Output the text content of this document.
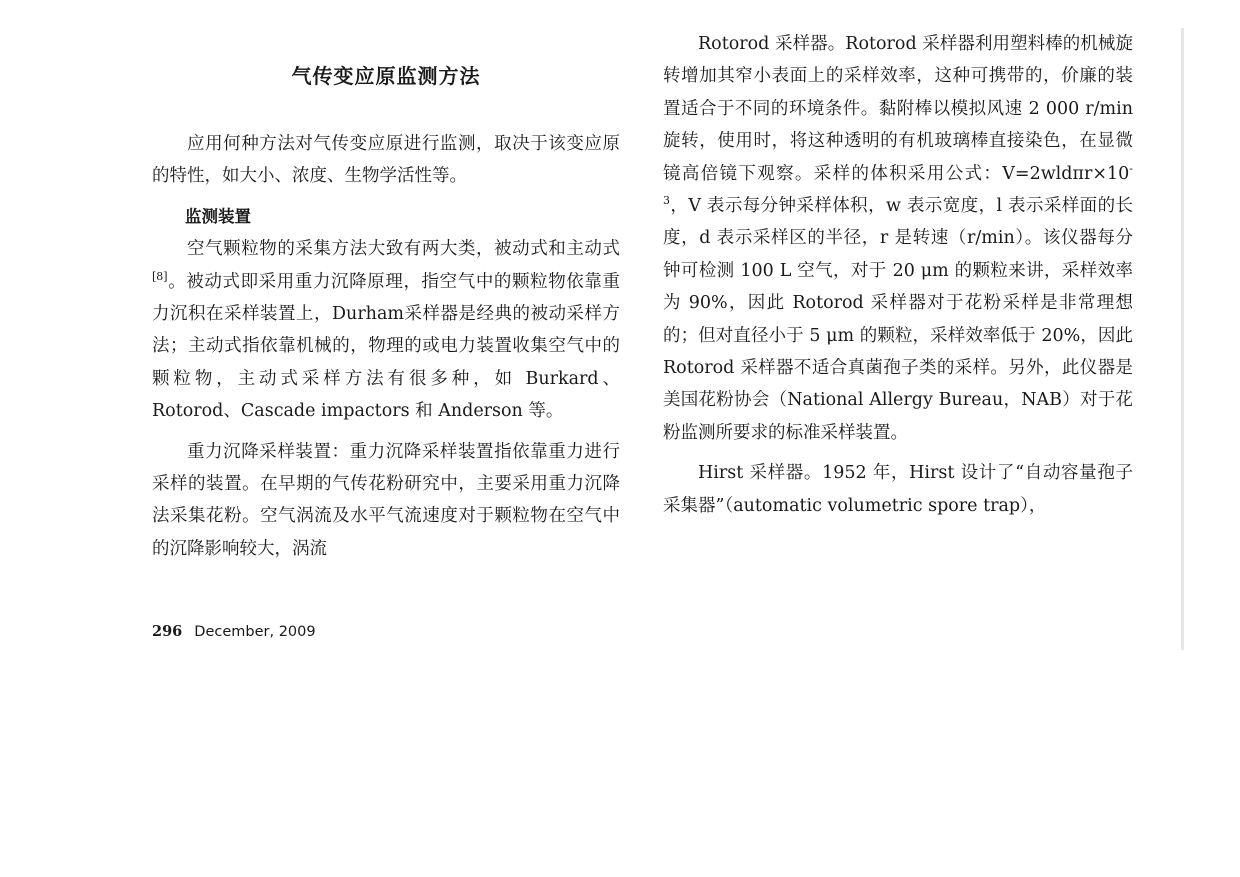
气传变应原监测方法

应用何种方法对气传变应原进行监测，取决于该变应原的特性，如大小、浓度、生物学活性等。

监测装置

空气颗粒物的采集方法大致有两大类，被动式和主动式[8]。被动式即采用重力沉降原理，指空气中的颗粒物依靠重力沉积在采样装置上，Durham采样器是经典的被动采样方法；主动式指依靠机械的，物理的或电力装置收集空气中的颗粒物，主动式采样方法有很多种，如 Burkard、Rotorod、Cascade impactors 和 Anderson 等。

重力沉降采样装置：重力沉降采样装置指依靠重力进行采样的装置。在早期的气传花粉研究中，主要采用重力沉降法采集花粉。空气涡流及水平气流速度对于颗粒物在空气中的沉降影响较大，涡流

Rotorod 采样器。Rotorod 采样器利用塑料棒的机械旋转增加其窄小表面上的采样效率，这种可携带的，价廉的装置适合于不同的环境条件。黏附棒以模拟风速 2 000 r/min 旋转，使用时，将这种透明的有机玻璃棒直接染色，在显微镜高倍镜下观察。采样的体积采用公式：$V=2wld\pi r\times 10^{-3}$，V 表示每分钟采样体积，w 表示宽度，l 表示采样面的长度，d 表示采样区的半径，r 是转速（r/min）。该仪器每分钟可检测 100 L 空气，对于 20 μm 的颗粒来讲，采样效率为 90%，因此 Rotorod 采样器对于花粉采样是非常理想的；但对直径小于 5 μm 的颗粒，采样效率低于 20%，因此 Rotorod 采样器不适合真菌孢子类的采样。另外，此仪器是美国花粉协会（National Allergy Bureau，NAB）对于花粉监测所要求的标准采样装置。

Hirst 采样器。1952 年，Hirst 设计了“自动容量孢子采集器”（automatic volumetric spore trap），

296 December, 2009
